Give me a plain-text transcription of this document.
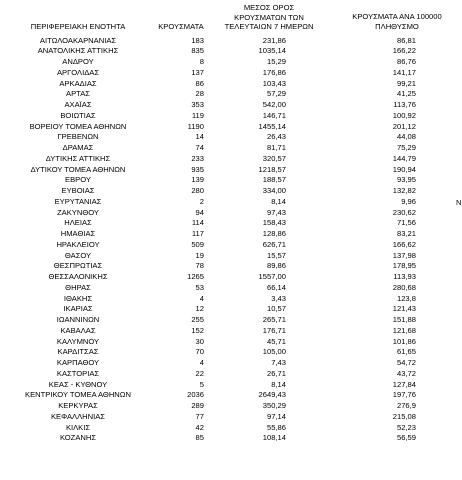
ΠΕΡΙΦΕΡΕΙΑΚΗ ΕΝΟΤΗΤΑ	ΚΡΟΥΣΜΑΤΑ
ΜΕΣΟΣ ΟΡΟΣ
ΚΡΟΥΣΜΑΤΩΝ ΤΩΝ
ΤΕΛΕΥΤΑΙΩΝ 7 ΗΜΕΡΩΝ
ΚΡΟΥΣΜΑΤΑ ΑΝΑ 100000
ΠΛΗΘΥΣΜΟ
ΑΙΤΩΛΟΑΚΑΡΝΑΝΙΑΣ	183	231,86	86,81
ΑΝΑΤΟΛΙΚΗΣ ΑΤΤΙΚΗΣ	835	1035,14	166,22
ΑΝΔΡΟΥ	8	15,29	86,76
ΑΡΓΟΛΙΔΑΣ	137	176,86	141,17
ΑΡΚΑΔΙΑΣ	86	103,43	99,21
ΑΡΤΑΣ	28	57,29	41,25
ΑΧΑΪΑΣ	353	542,00	113,76
ΒΟΙΩΤΙΑΣ	119	146,71	100,92
ΒΟΡΕΙΟΥ ΤΟΜΕΑ ΑΘΗΝΩΝ	1190	1455,14	201,12
ΓΡΕΒΕΝΩΝ	14	26,43	44,08
ΔΡΑΜΑΣ	74	81,71	75,29
ΔΥΤΙΚΗΣ ΑΤΤΙΚΗΣ	233	320,57	144,79
ΔΥΤΙΚΟΥ ΤΟΜΕΑ ΑΘΗΝΩΝ	935	1218,57	190,94
ΕΒΡΟΥ	139	188,57	93,95
ΕΥΒΟΙΑΣ	280	334,00	132,82
ΕΥΡΥΤΑΝΙΑΣ	2	8,14	9,96
ΖΑΚΥΝΘΟΥ	94	97,43	230,62
ΗΛΕΙΑΣ	114	158,43	71,56
ΗΜΑΘΙΑΣ	117	128,86	83,21
ΗΡΑΚΛΕΙΟΥ	509	626,71	166,62
ΘΑΣΟΥ	19	15,57	137,98
ΘΕΣΠΡΩΤΙΑΣ	78	89,86	178,95
ΘΕΣΣΑΛΟΝΙΚΗΣ	1265	1557,00	113,93
ΘΗΡΑΣ	53	66,14	280,68
ΙΘΑΚΗΣ	4	3,43	123,8
ΙΚΑΡΙΑΣ	12	10,57	121,43
ΙΩΑΝΝΙΝΩΝ	255	265,71	151,88
ΚΑΒΑΛΑΣ	152	176,71	121,68
ΚΑΛΥΜΝΟΥ	30	45,71	101,86
ΚΑΡΔΙΤΣΑΣ	70	105,00	61,65
ΚΑΡΠΑΘΟΥ	4	7,43	54,72
ΚΑΣΤΟΡΙΑΣ	22	26,71	43,72
ΚΕΑΣ - ΚΥΘΝΟΥ	5	8,14	127,84
ΚΕΝΤΡΙΚΟΥ ΤΟΜΕΑ ΑΘΗΝΩΝ	2036	2649,43	197,76
ΚΕΡΚΥΡΑΣ	289	350,29	276,9
ΚΕΦΑΛΛΗΝΙΑΣ	77	97,14	215,08
ΚΙΛΚΙΣ	42	55,86	52,23
ΚΟΖΑΝΗΣ	85	108,14	56,59
Ν
